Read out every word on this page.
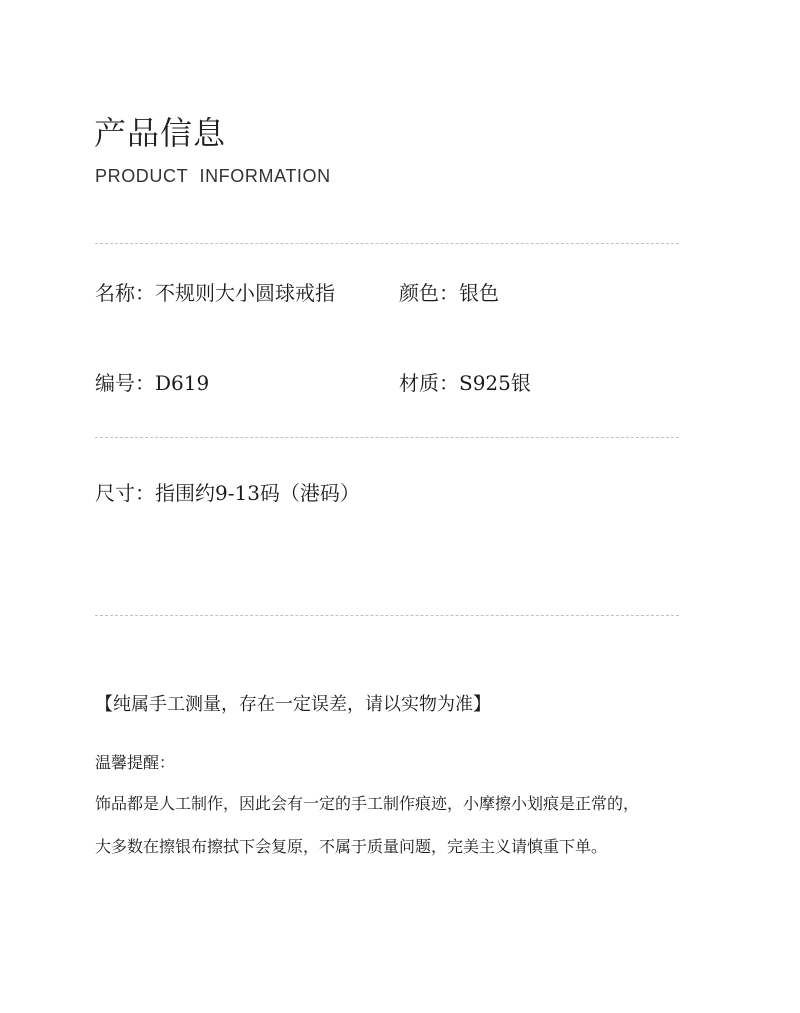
产品信息
PRODUCT INFORMATION
名称：不规则大小圆球戒指	颜色：银色
编号：D619	材质：S925银
尺寸：指围约9-13码（港码）
【纯属手工测量，存在一定误差，请以实物为准】
温馨提醒：
饰品都是人工制作，因此会有一定的手工制作痕迹，小摩擦小划痕是正常的，
大多数在擦银布擦拭下会复原，不属于质量问题，完美主义请慎重下单。
